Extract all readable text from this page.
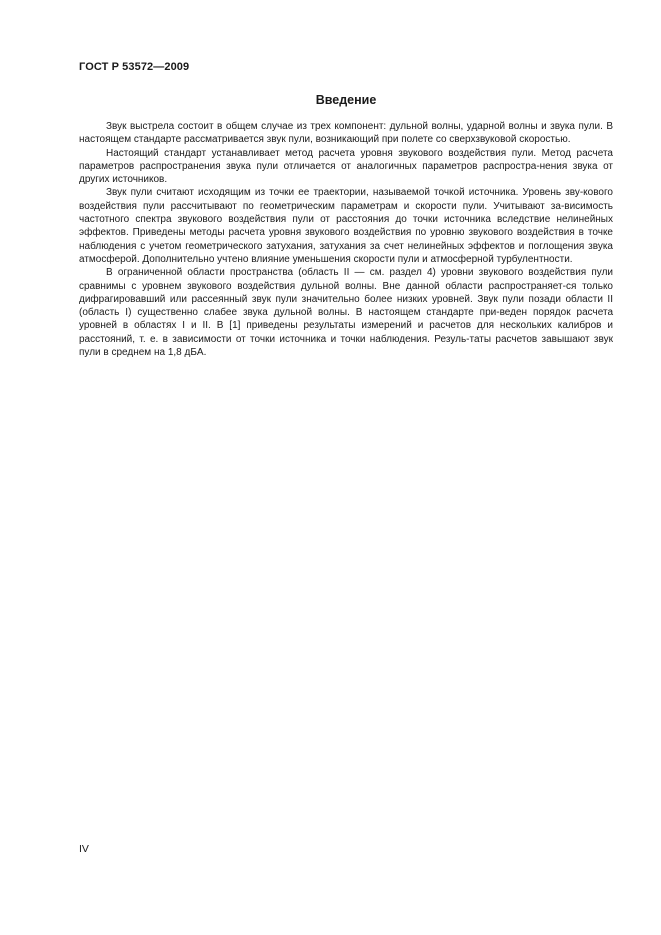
ГОСТ Р 53572—2009
Введение

Звук выстрела состоит в общем случае из трех компонент: дульной волны, ударной волны и звука пули. В настоящем стандарте рассматривается звук пули, возникающий при полете со сверхзвуковой скоростью.

Настоящий стандарт устанавливает метод расчета уровня звукового воздействия пули. Метод расчета параметров распространения звука пули отличается от аналогичных параметров распростра-нения звука от других источников.

Звук пули считают исходящим из точки ее траектории, называемой точкой источника. Уровень зву-кового воздействия пули рассчитывают по геометрическим параметрам и скорости пули. Учитывают за-висимость частотного спектра звукового воздействия пули от расстояния до точки источника вследствие нелинейных эффектов. Приведены методы расчета уровня звукового воздействия по уровню звукового воздействия в точке наблюдения с учетом геометрического затухания, затухания за счет нелинейных эффектов и поглощения звука атмосферой. Дополнительно учтено влияние уменьшения скорости пули и атмосферной турбулентности.

В ограниченной области пространства (область II — см. раздел 4) уровни звукового воздействия пули сравнимы с уровнем звукового воздействия дульной волны. Вне данной области распространяет-ся только дифрагировавший или рассеянный звук пули значительно более низких уровней. Звук пули позади области II (область I) существенно слабее звука дульной волны. В настоящем стандарте при-веден порядок расчета уровней в областях I и II. В [1] приведены результаты измерений и расчетов для нескольких калибров и расстояний, т. е. в зависимости от точки источника и точки наблюдения. Резуль-таты расчетов завышают звук пули в среднем на 1,8 дБA.

IV
